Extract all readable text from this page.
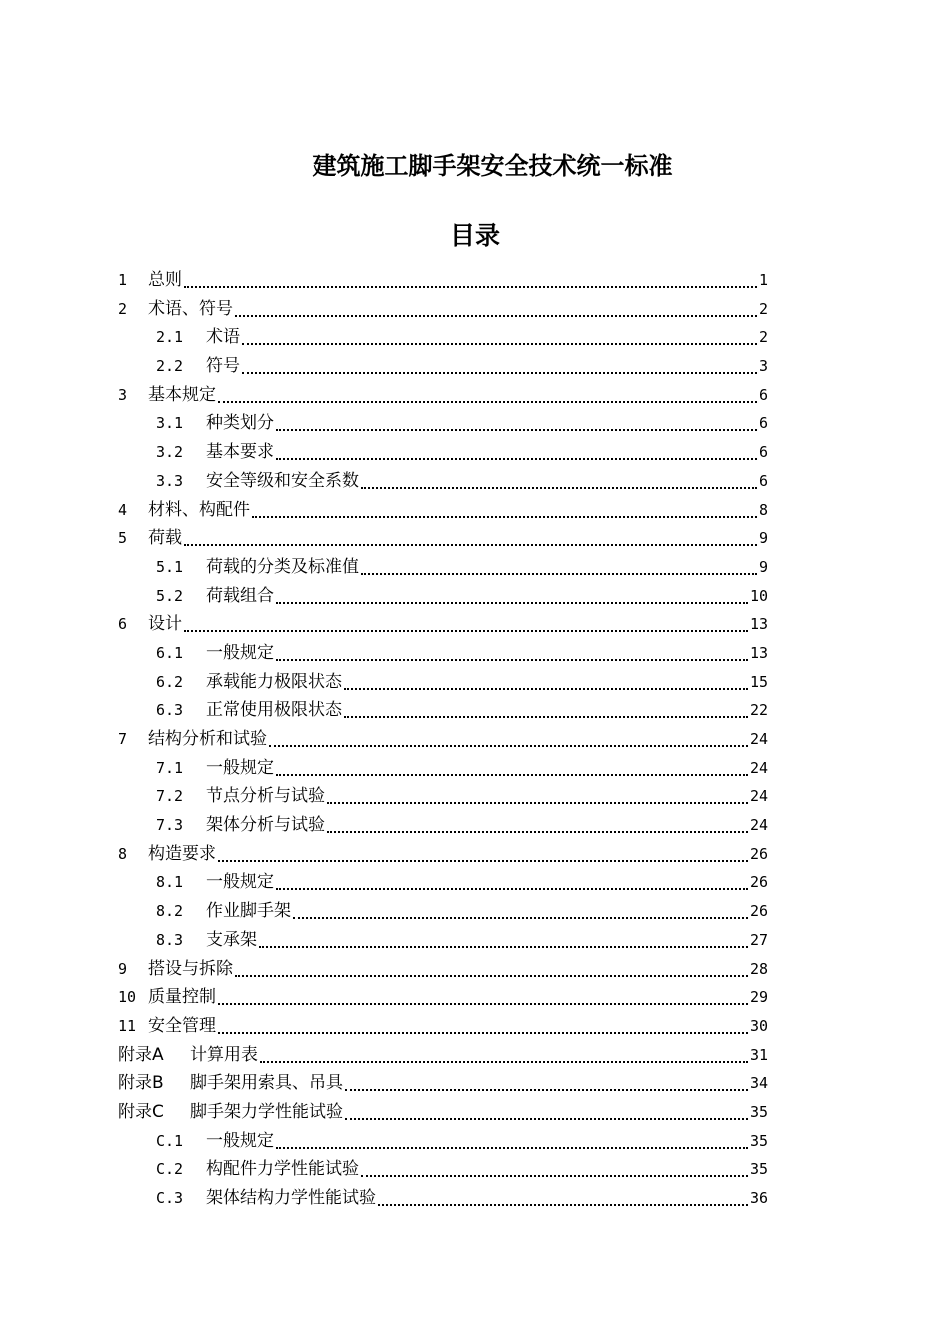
建筑施工脚手架安全技术统一标准
目录
1 总则	1
2 术语、符号	2
2.1 术语	2
2.2 符号	3
3 基本规定	6
3.1 种类划分	6
3.2 基本要求	6
3.3 安全等级和安全系数	6
4 材料、构配件	8
5 荷载	9
5.1 荷载的分类及标准值	9
5.2 荷载组合	10
6 设计	13
6.1 一般规定	13
6.2 承载能力极限状态	15
6.3 正常使用极限状态	22
7 结构分析和试验	24
7.1 一般规定	24
7.2 节点分析与试验	24
7.3 架体分析与试验	24
8 构造要求	26
8.1 一般规定	26
8.2 作业脚手架	26
8.3 支承架	27
9 搭设与拆除	28
10 质量控制	29
11 安全管理	30
附录A 计算用表	31
附录B 脚手架用索具、吊具	34
附录C 脚手架力学性能试验	35
C.1 一般规定	35
C.2 构配件力学性能试验	35
C.3 架体结构力学性能试验	36
